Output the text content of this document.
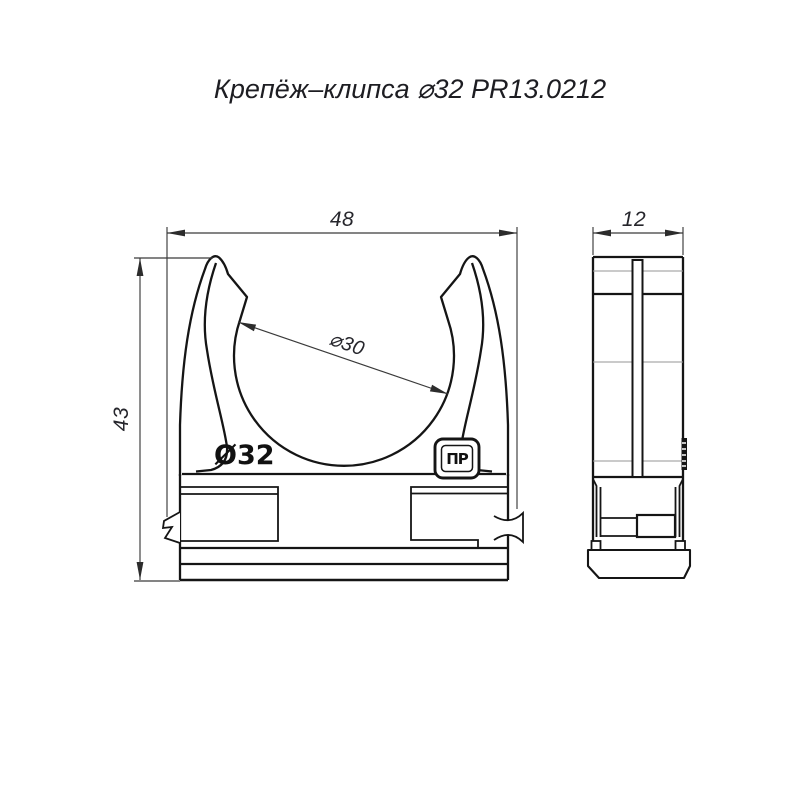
Крепёж–клипса ⌀32 PR13.0212
Ø32	ПР
48
43
⌀30
12
